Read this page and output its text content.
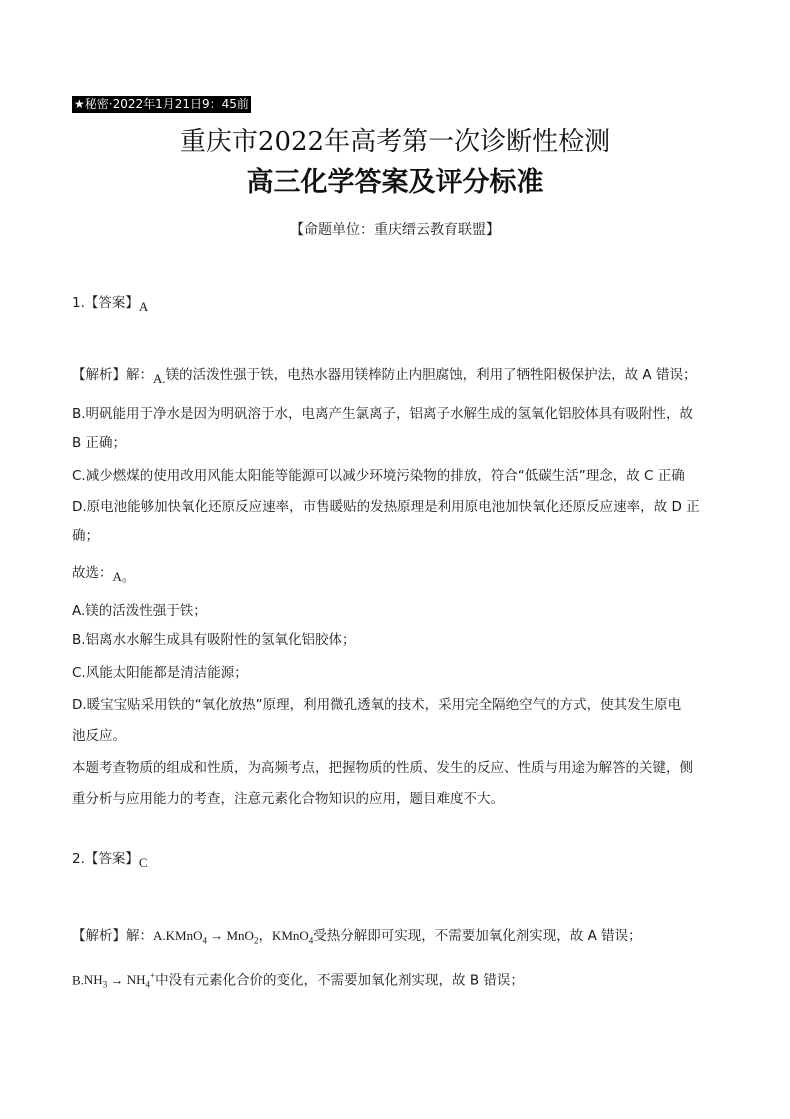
★秘密·2022年1月21日9：45前
重庆市2022年高考第一次诊断性检测
高三化学答案及评分标准
【命题单位：重庆缙云教育联盟】
1.【答案】A
【解析】解：A.镁的活泼性强于铁，电热水器用镁棒防止内胆腐蚀，利用了牺牲阳极保护法，故 A 错误；
B.明矾能用于净水是因为明矾溶于水，电离产生氯离子，铝离子水解生成的氢氧化铝胶体具有吸附性，故
B 正确；
C.减少燃煤的使用改用风能太阳能等能源可以减少环境污染物的排放，符合“低碳生活”理念，故 C 正确
D.原电池能够加快氧化还原反应速率，市售暖贴的发热原理是利用原电池加快氧化还原反应速率，故 D 正
确；
故选：A。
A.镁的活泼性强于铁；
B.铝离水水解生成具有吸附性的氢氧化铝胶体；
C.风能太阳能都是清洁能源；
D.暖宝宝贴采用铁的“氧化放热”原理，利用微孔透氧的技术，采用完全隔绝空气的方式，使其发生原电
池反应。
本题考查物质的组成和性质，为高频考点，把握物质的性质、发生的反应、性质与用途为解答的关键，侧
重分析与应用能力的考查，注意元素化合物知识的应用，题目难度不大。
2.【答案】C
【解析】解：A.KMnO$_4$ → MnO$_2$，KMnO$_4$受热分解即可实现，不需要加氧化剂实现，故 A 错误；
$B.NH_3 \to NH_4^+$中没有元素化合价的变化，不需要加氧化剂实现，故 B 错误；
